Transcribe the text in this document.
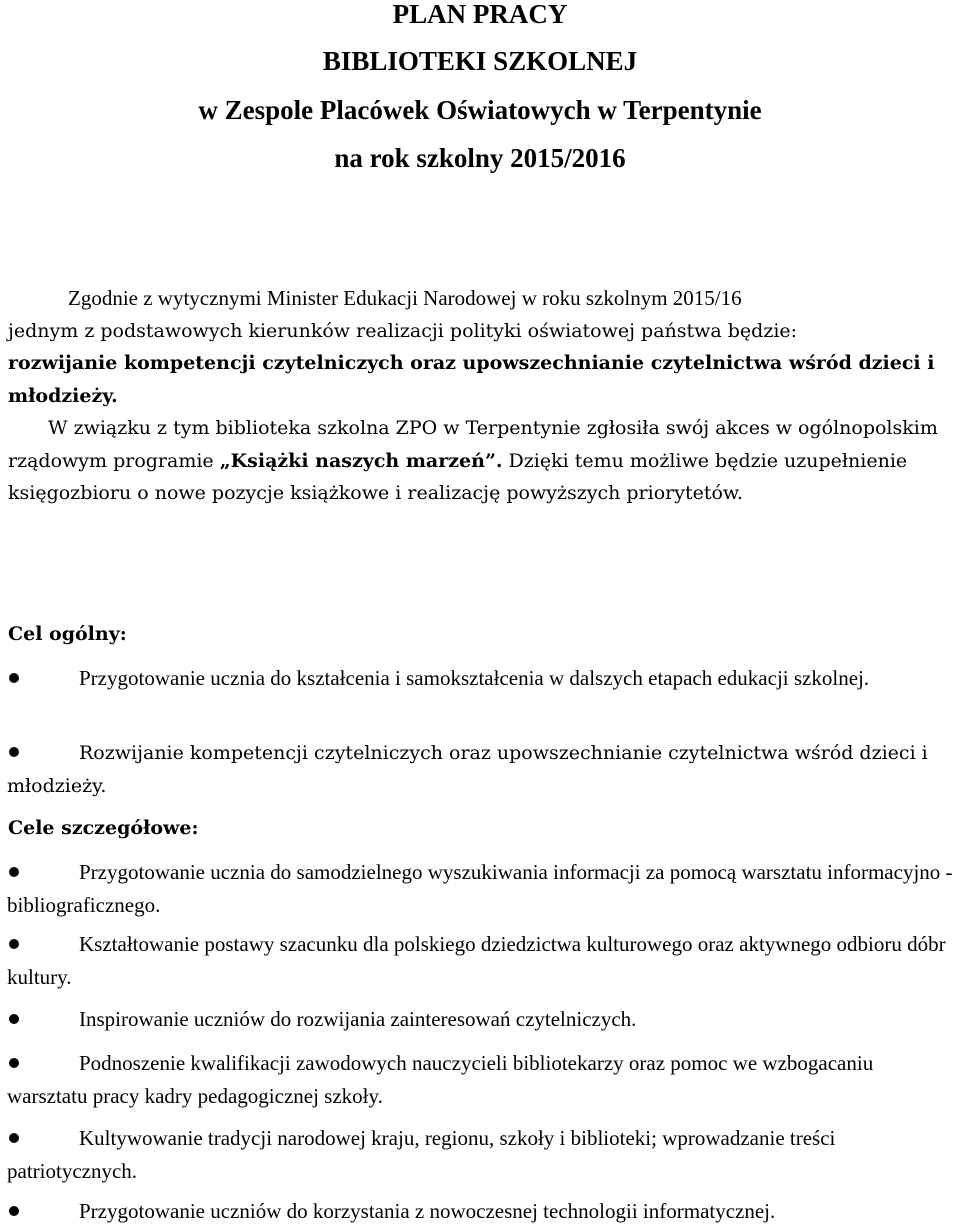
PLAN PRACY
BIBLIOTEKI SZKOLNEJ
w Zespole Placówek Oświatowych w Terpentynie
na rok szkolny 2015/2016
Zgodnie z wytycznymi Minister Edukacji Narodowej w roku szkolnym 2015/16
jednym z podstawowych kierunków realizacji polityki oświatowej państwa będzie:
rozwijanie kompetencji czytelniczych oraz upowszechnianie czytelnictwa wśród dzieci i młodzieży.
W związku z tym biblioteka szkolna ZPO w Terpentynie zgłosiła swój akces w ogólnopolskim rządowym programie „Książki naszych marzeń”. Dzięki temu możliwe będzie uzupełnienie księgozbioru o nowe pozycje książkowe i realizację powyższych priorytetów.
Cel ogólny:
Przygotowanie ucznia do kształcenia i samokształcenia w dalszych etapach edukacji szkolnej.
Rozwijanie kompetencji czytelniczych oraz upowszechnianie czytelnictwa wśród dzieci i młodzieży.
Cele szczegółowe:
Przygotowanie ucznia do samodzielnego wyszukiwania informacji za pomocą warsztatu informacyjno - bibliograficznego.
Kształtowanie postawy szacunku dla polskiego dziedzictwa kulturowego oraz aktywnego odbioru dóbr kultury.
Inspirowanie uczniów do rozwijania zainteresowań czytelniczych.
Podnoszenie kwalifikacji zawodowych nauczycieli bibliotekarzy oraz pomoc we wzbogacaniu warsztatu pracy kadry pedagogicznej szkoły.
Kultywowanie tradycji narodowej kraju, regionu, szkoły i biblioteki; wprowadzanie treści patriotycznych.
Przygotowanie uczniów do korzystania z nowoczesnej technologii informatycznej.
